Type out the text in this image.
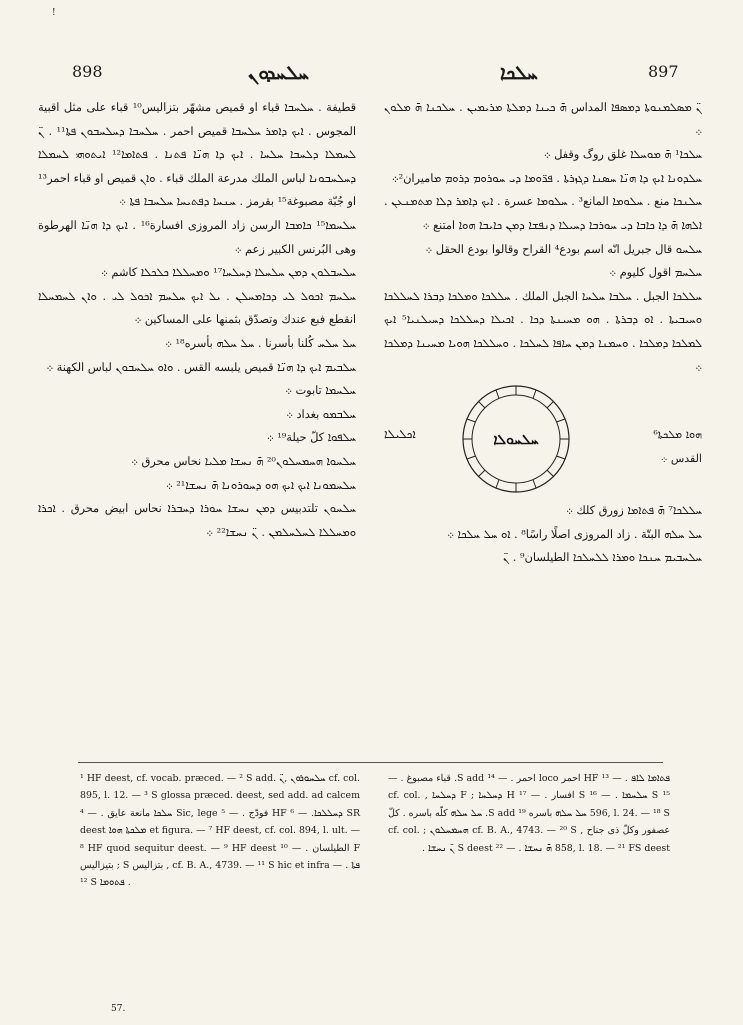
!
898	ܚܠܚܕܘܢ	ܚܠܟܐ	897

ܢ̈ ܡܣܠܡܢܘܬܐ ܕܡܣܦܐ المداس ܗ̄ ܟܝܢܐ ܕܡܠܬܐ ܡܪܝܡܝܢ . ܚܠܟܢܐ ܗ̄ ܡܠܘܢ ܀

ܚܠܟܐ¹ ܗ̄ ܡܘܚܠܐ غلق روﮒ وقفل ܀

ܚܠܕܘܢܐ ܐܝܟ ܕܐ ܗܢ̈ܐ ܚܣܢܐ ܕܓܙܪܬܐ . ܦܪ̈ܘܡܐ ܕܝ ܚܘܪܘܡ ܕܪܘܡ ܡاميران²܀

ܚܠܢܟܐ منع . ܚܠܘܡܐ المانع³ . ܚܠܘܡܐ عسرة . ܐܝܟ ܕܐܡܪ ܕܠܐ ܡܬܡܢܥܢ . ܐܠܗܐ ܗ̄ ܕܐ ܟܐܒܐ ܕܝ ܚܘܪܒܐ ܕܚܝܠܐ ܕܢܦܫܐ ܕܡܢ ܟܐܝܒܐ ܗܘܐ امتنع ܀

ܚܠܚܘ قال جبريل انّه اسم بودع⁴ القراح وقالوا بودع الحقل ܀

ܚܠܚܡ اقول كليوم ܀

ܚܠܠܟܐ الجبل . ܚܠܒܐ ܚܠܚܐ الجبل الملك . ܚܠܠܟܐ ܘܡܠܟܐ ܕܒܪܐ ܠܚܠܠܟܐ ܘܚܝܒܝܬܐ . ܐܘ ܕܒܪܬܐ . ܗܘ ܡܚܝܢܬܐ ܕܟܐ . ܐܟܝܠܐ ܕܚܠܠܟܐ ܕܚܝܠܢܝܐ⁵ ܐܝܟ ܠܡܠܟܐ ܕܡܠܟܐ . ܘܚܡܢܐ ܕܡܢ ܚܐܦܐ ܠܚܠܟܐ . ܘܚܠܠܟܐ ܗܘܝܐ ܡܚܝܢܐ ܕܡܠܟܐ ܀

ܗܘܐ ܡܠܟܬܐ⁶
القدس ܀
ܐܟܠܝܠܐ	ܚܠܚܘܠܐ

ܚܠܠܟܐ⁷ ܗ̄ ܦܬܐܡܐ زورق كلك ܀

ܚܠ ܚܠܗ البتّة . زاد المروزى اصلًا راسًا⁸ . ܐܘ ܚܠ ܚܠܟܐ ܀

ܚܠܚܒܝܡ ܚܢܟܐ ܘܡܪܐ ܠܠܚܠܟܐ الطيلسان⁹ . ܢ̈

قطيفة . ܚܠܚܒܐ قباء او قميص مشهّر بتزاليس¹⁰ قباء على مثل اقبية المجوس . ܐܝܟ ܕܐܡܪ ܚܠܚܒܐ قميص احمر . ܚܠܚܒܐ ܕܚܠܚܒܘܢ ܦܬܐ¹¹ . ܢ̈ ܠܚܡܠܐ ܕܠܚܒܐ ܚܠܚܐ . ܐܝܟ ܕܐ ܗܢ̈ܐ ܦܬܢܐ . ܦܬܐܡܐ¹² ܐܝܬܘܗܝ ܠܚܡܠܐ ܕܚܠܚܒܘܢܐ لباس الملك مدرعة الملك قباء . ܘܐܢ قميص او قباء احمر¹³ او جُبّة مصبوغة¹⁵ بقرمز . ܚܢܚܐ ܕܦܬܝܚܐ ܚܠܚܒܐ ܦܬܐ ܀

ܚܠܚܡܐ¹⁵ ܟܐܡܒܐ الرسن زاد المروزى افسارة¹⁶ . ܐܝܟ ܕܐ ܗܢ̈ܐ الهرطوة وهى البُرنس الكبير زعم ܀

ܚܠܚܒܠܘܢ ܕܡܢ ܚܠܚܠܐ ܕܚܠܚܐ¹⁷ ܘܡܚܠܠܐ ܟܠܟܠܐ كاشم ܀

ܚܠܚܡ ܐܟܘܠ ܠܝ ܕܟܐܡܚܠܢ . ܝܠ ܐܝܟ ܚܠܚܡ ܐܟܘܠ ܠܝ . ܘܐܢ ܠܚܡܚܠܐ انقطع فبع عندك وتصدّق بثمنها على المساكين ܀

ܚܠ ܚܠܚ كُلنا بأسرنا . ܚܠ ܚܠܗ بأسره¹⁸ ܀

ܚܠܒܝܡ ܐܝܟ ܕܐ ܗܢ̈ܐ قميص يلبسه القس . ܘܐܘ ܚܠܚܒܘܢ لباس الكهنة ܀

ܚܠܚܡܐ تابوت ܀

ܚܠܒܡܘ بغداد ܀

ܚܠܦܘܐ كلّ حيلة¹⁹ ܀

ܚܠܚܘܐ ܗܚܡܚܠܘܢ²⁰ ܗ̄ ܢܚܫܐ ܡܠܝܐ نحاس محرق ܀

ܚܠܚܡܘܢܐ ܐܝܟ ܐܝܟ ܗܘ ܕܚܘܪܘܢܐ ܗ̄ ܢܚܫܐ²¹ ܀

ܚܠܚܘܢ تلتدبيس ܕܡܢ ܢܚܫܐ ܚܘܪܐ ܕܚܒܪܐ نحاس ابيض محرق . ܐܟܪܐ ܘܡܚܠܠܐ ܠܚܠܚܠܡܢ . ܢ̈ ܢܚܫܐ²² ܀

¹ HF deest, cf. vocab. præced. — ² S add. ܚܠܚܘܪܘܢ ,ܢ̈ cf. col. 895, l. 12. — ³ S glossa præced. deest, sed add. ad calcem ܚܠܟܐ مانعة عايق . — ⁴ Sic, lege فودّج . — ⁵ HF ܕܚܠܠܟܐ. — ⁶ SR deest ܡܠܟܬܐ ܗܘܐ et figura. — ⁷ HF deest, cf. col. 894, l. ult. — ⁸ HF quod sequitur deest. — ⁹ HF deest الطيلسان . — ¹⁰ F بتيزاليس ; S بتزاليس , cf. B. A., 4739. — ¹¹ S hic et infra ܦܬܐ . — ¹² S ܦܬܘܡܐ .
ܦܬܐܡܐ ܠܐܦ . — ¹³ HF احمر loco احمر . — ¹⁴ S add. قباء مصبوغ . — ¹⁵ S ܚܠܚܡܐ . — ¹⁶ S افسار . — ¹⁷ H ܕܚܠܚܐ ; F ܕܚܠܚܐ , cf. col. 596, l. 24. — ¹⁸ S ܚܠ ܚܠܗ باسره ¹⁹ S add. ܚܠ ܚܠܗ كلّه باسره . كلّ عصفور وكلّ ذى جناح , cf. B. A., 4743. — ²⁰ S ܗܚܡܚܠܘܢ ; cf. col. 858, l. 18. — ²¹ FS deest ܗ̄ ܢܚܫܐ . — ²² S deest ܢ̈ ܢܚܫܐ .
57.
